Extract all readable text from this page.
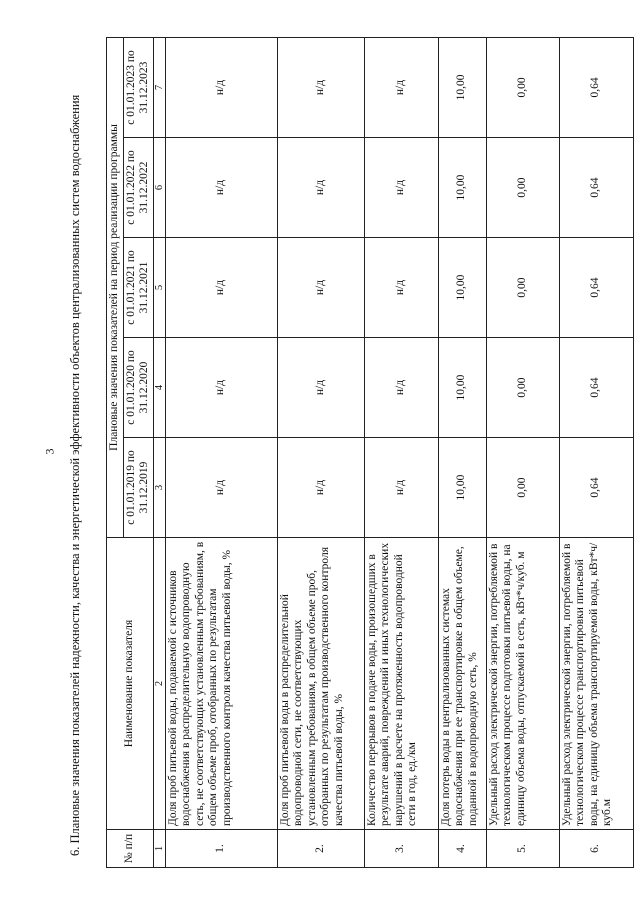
3 6. Плановые значения показателей надежности, качества и энергетической эффективности объектов централизованных систем водоснабжения	№ п/п	Наименование показателя	Плановые значения показателей на период реализации программы				
		с 01.01.2019 по 31.12.2019	с 01.01.2020 по 31.12.2020	с 01.01.2021 по 31.12.2021	с 01.01.2022 по 31.12.2022	с 01.01.2023 по 31.12.2023
1	2	3	4	5	6	7
1.	Доля проб питьевой воды, подаваемой с источников водоснабжения в распределительную водопроводную сеть, не соответствующих установленным требованиям, в общем объеме проб, отобранных по результатам производственного контроля качества питьевой воды, %	н/д	н/д	н/д	н/д	н/д
2.	Доля проб питьевой воды в распределительной водопроводной сети, не соответствующих установленным требованиям, в общем объеме проб, отобранных по результатам производственного контроля качества питьевой воды, %	н/д	н/д	н/д	н/д	н/д
3.	Количество перерывов в подаче воды, произошедших в результате аварий, повреждений и иных технологических нарушений в расчете на протяженность водопроводной сети в год, ед./км	н/д	н/д	н/д	н/д	н/д
4.	Доля потерь воды в централизованных системах водоснабжения при ее транспортировке в общем объеме, поданной в водопроводную сеть, %	10,00	10,00	10,00	10,00	10,00
5.	Удельный расход электрической энергии, потребляемой в технологическом процессе подготовки питьевой воды, на единицу объема воды, отпускаемой в сеть, кВт*ч/куб. м	0,00	0,00	0,00	0,00	0,00
6.	Удельный расход электрической энергии, потребляемой в технологическом процессе транспортировки питьевой воды, на единицу объема транспортируемой воды, кВт*ч/куб.м	0,64	0,64	0,64	0,64	0,64
